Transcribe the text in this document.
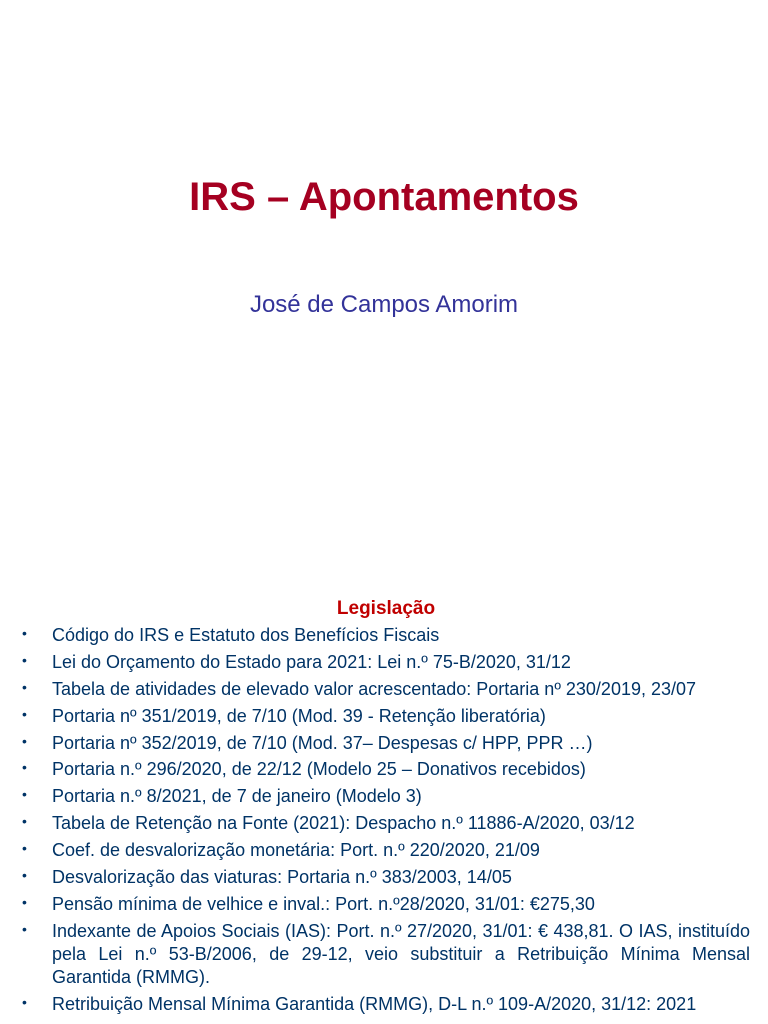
IRS – Apontamentos

José de Campos Amorim

Legislação
• Código do IRS e Estatuto dos Benefícios Fiscais
• Lei do Orçamento do Estado para 2021: Lei n.º 75-B/2020, 31/12
• Tabela de atividades de elevado valor acrescentado: Portaria nº 230/2019, 23/07
• Portaria nº 351/2019, de 7/10 (Mod. 39 - Retenção liberatória)
• Portaria nº 352/2019, de 7/10 (Mod. 37– Despesas c/ HPP, PPR …)
• Portaria n.º 296/2020, de 22/12 (Modelo 25 – Donativos recebidos)
• Portaria n.º 8/2021, de 7 de janeiro (Modelo 3)
• Tabela de Retenção na Fonte (2021): Despacho n.º 11886-A/2020, 03/12
• Coef. de desvalorização monetária: Port. n.º 220/2020, 21/09
• Desvalorização das viaturas: Portaria n.º 383/2003, 14/05
• Pensão mínima de velhice e inval.: Port. n.º28/2020, 31/01: €275,30
• Indexante de Apoios Sociais (IAS): Port. n.º 27/2020, 31/01: € 438,81. O IAS, instituído pela Lei n.º 53-B/2006, de 29-12, veio substituir a Retribuição Mínima Mensal Garantida (RMMG).
• Retribuição Mensal Mínima Garantida (RMMG), D-L n.º 109-A/2020, 31/12: 2021
